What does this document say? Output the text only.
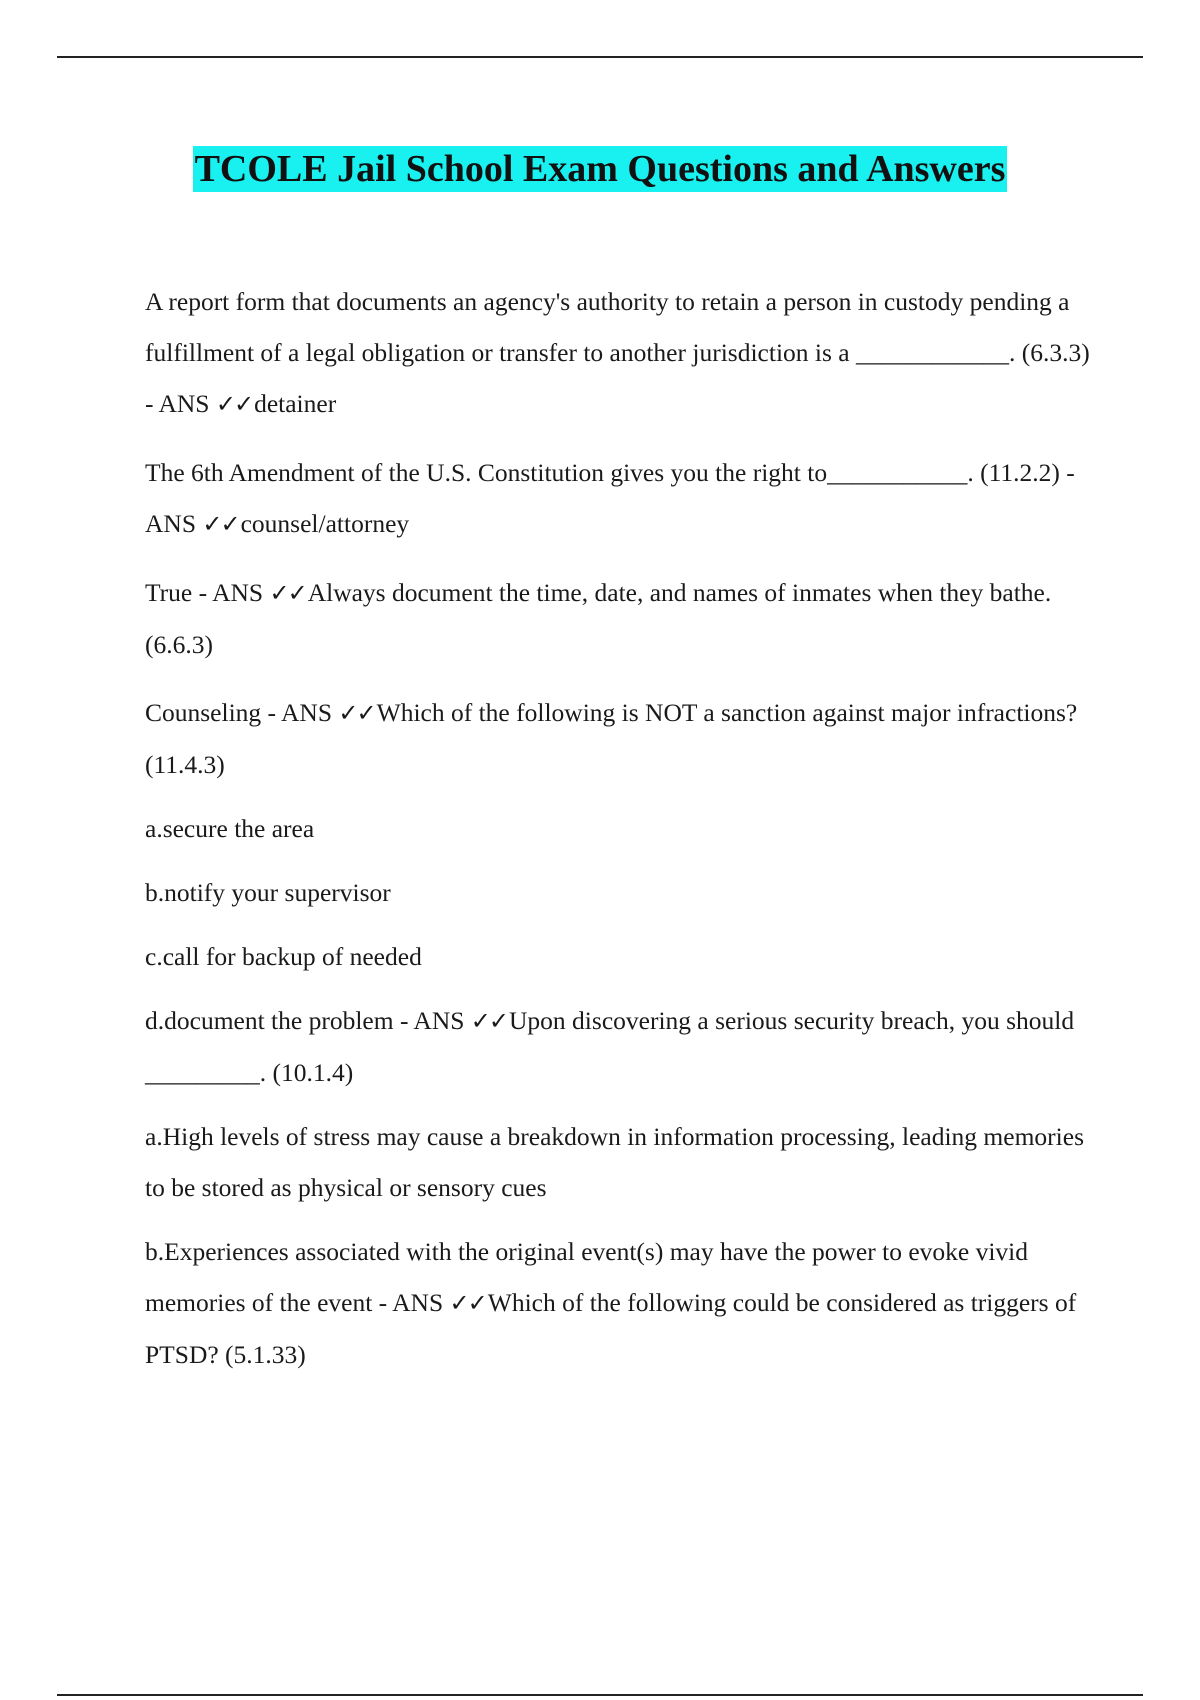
TCOLE Jail School Exam Questions and Answers

A report form that documents an agency's authority to retain a person in custody pending a fulfillment of a legal obligation or transfer to another jurisdiction is a ____________. (6.3.3) - ANS ✓✓detainer

The 6th Amendment of the U.S. Constitution gives you the right to___________. (11.2.2) - ANS ✓✓counsel/attorney

True - ANS ✓✓Always document the time, date, and names of inmates when they bathe. (6.6.3)

Counseling - ANS ✓✓Which of the following is NOT a sanction against major infractions? (11.4.3)

a.secure the area

b.notify your supervisor

c.call for backup of needed

d.document the problem - ANS ✓✓Upon discovering a serious security breach, you should _________. (10.1.4)

a.High levels of stress may cause a breakdown in information processing, leading memories to be stored as physical or sensory cues

b.Experiences associated with the original event(s) may have the power to evoke vivid memories of the event - ANS ✓✓Which of the following could be considered as triggers of PTSD? (5.1.33)
